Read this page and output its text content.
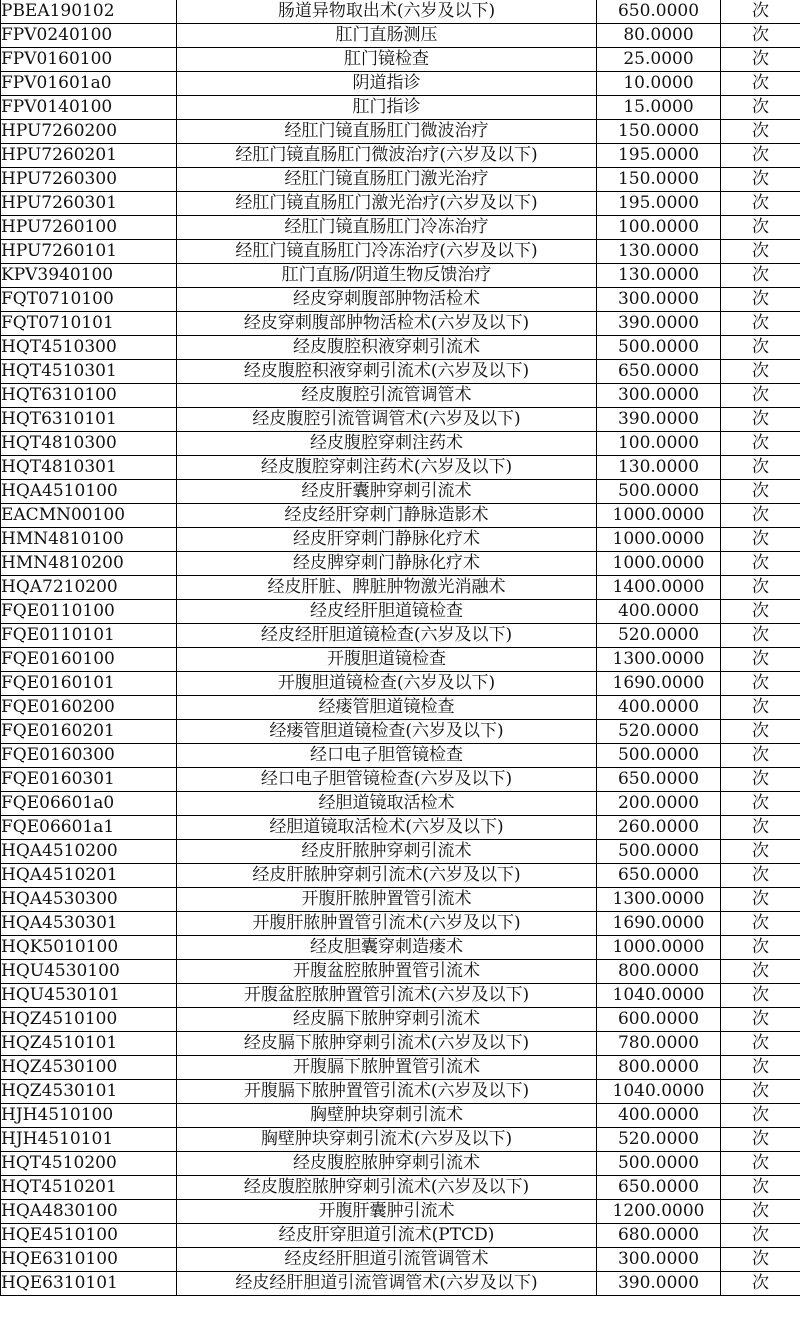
PBEA190102	肠道异物取出术(六岁及以下)	650.0000	次
FPV0240100	肛门直肠测压	80.0000	次
FPV0160100	肛门镜检查	25.0000	次
FPV01601a0	阴道指诊	10.0000	次
FPV0140100	肛门指诊	15.0000	次
HPU7260200	经肛门镜直肠肛门微波治疗	150.0000	次
HPU7260201	经肛门镜直肠肛门微波治疗(六岁及以下)	195.0000	次
HPU7260300	经肛门镜直肠肛门激光治疗	150.0000	次
HPU7260301	经肛门镜直肠肛门激光治疗(六岁及以下)	195.0000	次
HPU7260100	经肛门镜直肠肛门冷冻治疗	100.0000	次
HPU7260101	经肛门镜直肠肛门冷冻治疗(六岁及以下)	130.0000	次
KPV3940100	肛门直肠/阴道生物反馈治疗	130.0000	次
FQT0710100	经皮穿刺腹部肿物活检术	300.0000	次
FQT0710101	经皮穿刺腹部肿物活检术(六岁及以下)	390.0000	次
HQT4510300	经皮腹腔积液穿刺引流术	500.0000	次
HQT4510301	经皮腹腔积液穿刺引流术(六岁及以下)	650.0000	次
HQT6310100	经皮腹腔引流管调管术	300.0000	次
HQT6310101	经皮腹腔引流管调管术(六岁及以下)	390.0000	次
HQT4810300	经皮腹腔穿刺注药术	100.0000	次
HQT4810301	经皮腹腔穿刺注药术(六岁及以下)	130.0000	次
HQA4510100	经皮肝囊肿穿刺引流术	500.0000	次
EACMN00100	经皮经肝穿刺门静脉造影术	1000.0000	次
HMN4810100	经皮肝穿刺门静脉化疗术	1000.0000	次
HMN4810200	经皮脾穿刺门静脉化疗术	1000.0000	次
HQA7210200	经皮肝脏、脾脏肿物激光消融术	1400.0000	次
FQE0110100	经皮经肝胆道镜检查	400.0000	次
FQE0110101	经皮经肝胆道镜检查(六岁及以下)	520.0000	次
FQE0160100	开腹胆道镜检查	1300.0000	次
FQE0160101	开腹胆道镜检查(六岁及以下)	1690.0000	次
FQE0160200	经瘘管胆道镜检查	400.0000	次
FQE0160201	经瘘管胆道镜检查(六岁及以下)	520.0000	次
FQE0160300	经口电子胆管镜检查	500.0000	次
FQE0160301	经口电子胆管镜检查(六岁及以下)	650.0000	次
FQE06601a0	经胆道镜取活检术	200.0000	次
FQE06601a1	经胆道镜取活检术(六岁及以下)	260.0000	次
HQA4510200	经皮肝脓肿穿刺引流术	500.0000	次
HQA4510201	经皮肝脓肿穿刺引流术(六岁及以下)	650.0000	次
HQA4530300	开腹肝脓肿置管引流术	1300.0000	次
HQA4530301	开腹肝脓肿置管引流术(六岁及以下)	1690.0000	次
HQK5010100	经皮胆囊穿刺造瘘术	1000.0000	次
HQU4530100	开腹盆腔脓肿置管引流术	800.0000	次
HQU4530101	开腹盆腔脓肿置管引流术(六岁及以下)	1040.0000	次
HQZ4510100	经皮膈下脓肿穿刺引流术	600.0000	次
HQZ4510101	经皮膈下脓肿穿刺引流术(六岁及以下)	780.0000	次
HQZ4530100	开腹膈下脓肿置管引流术	800.0000	次
HQZ4530101	开腹膈下脓肿置管引流术(六岁及以下)	1040.0000	次
HJH4510100	胸壁肿块穿刺引流术	400.0000	次
HJH4510101	胸壁肿块穿刺引流术(六岁及以下)	520.0000	次
HQT4510200	经皮腹腔脓肿穿刺引流术	500.0000	次
HQT4510201	经皮腹腔脓肿穿刺引流术(六岁及以下)	650.0000	次
HQA4830100	开腹肝囊肿引流术	1200.0000	次
HQE4510100	经皮肝穿胆道引流术(PTCD)	680.0000	次
HQE6310100	经皮经肝胆道引流管调管术	300.0000	次
HQE6310101	经皮经肝胆道引流管调管术(六岁及以下)	390.0000	次
